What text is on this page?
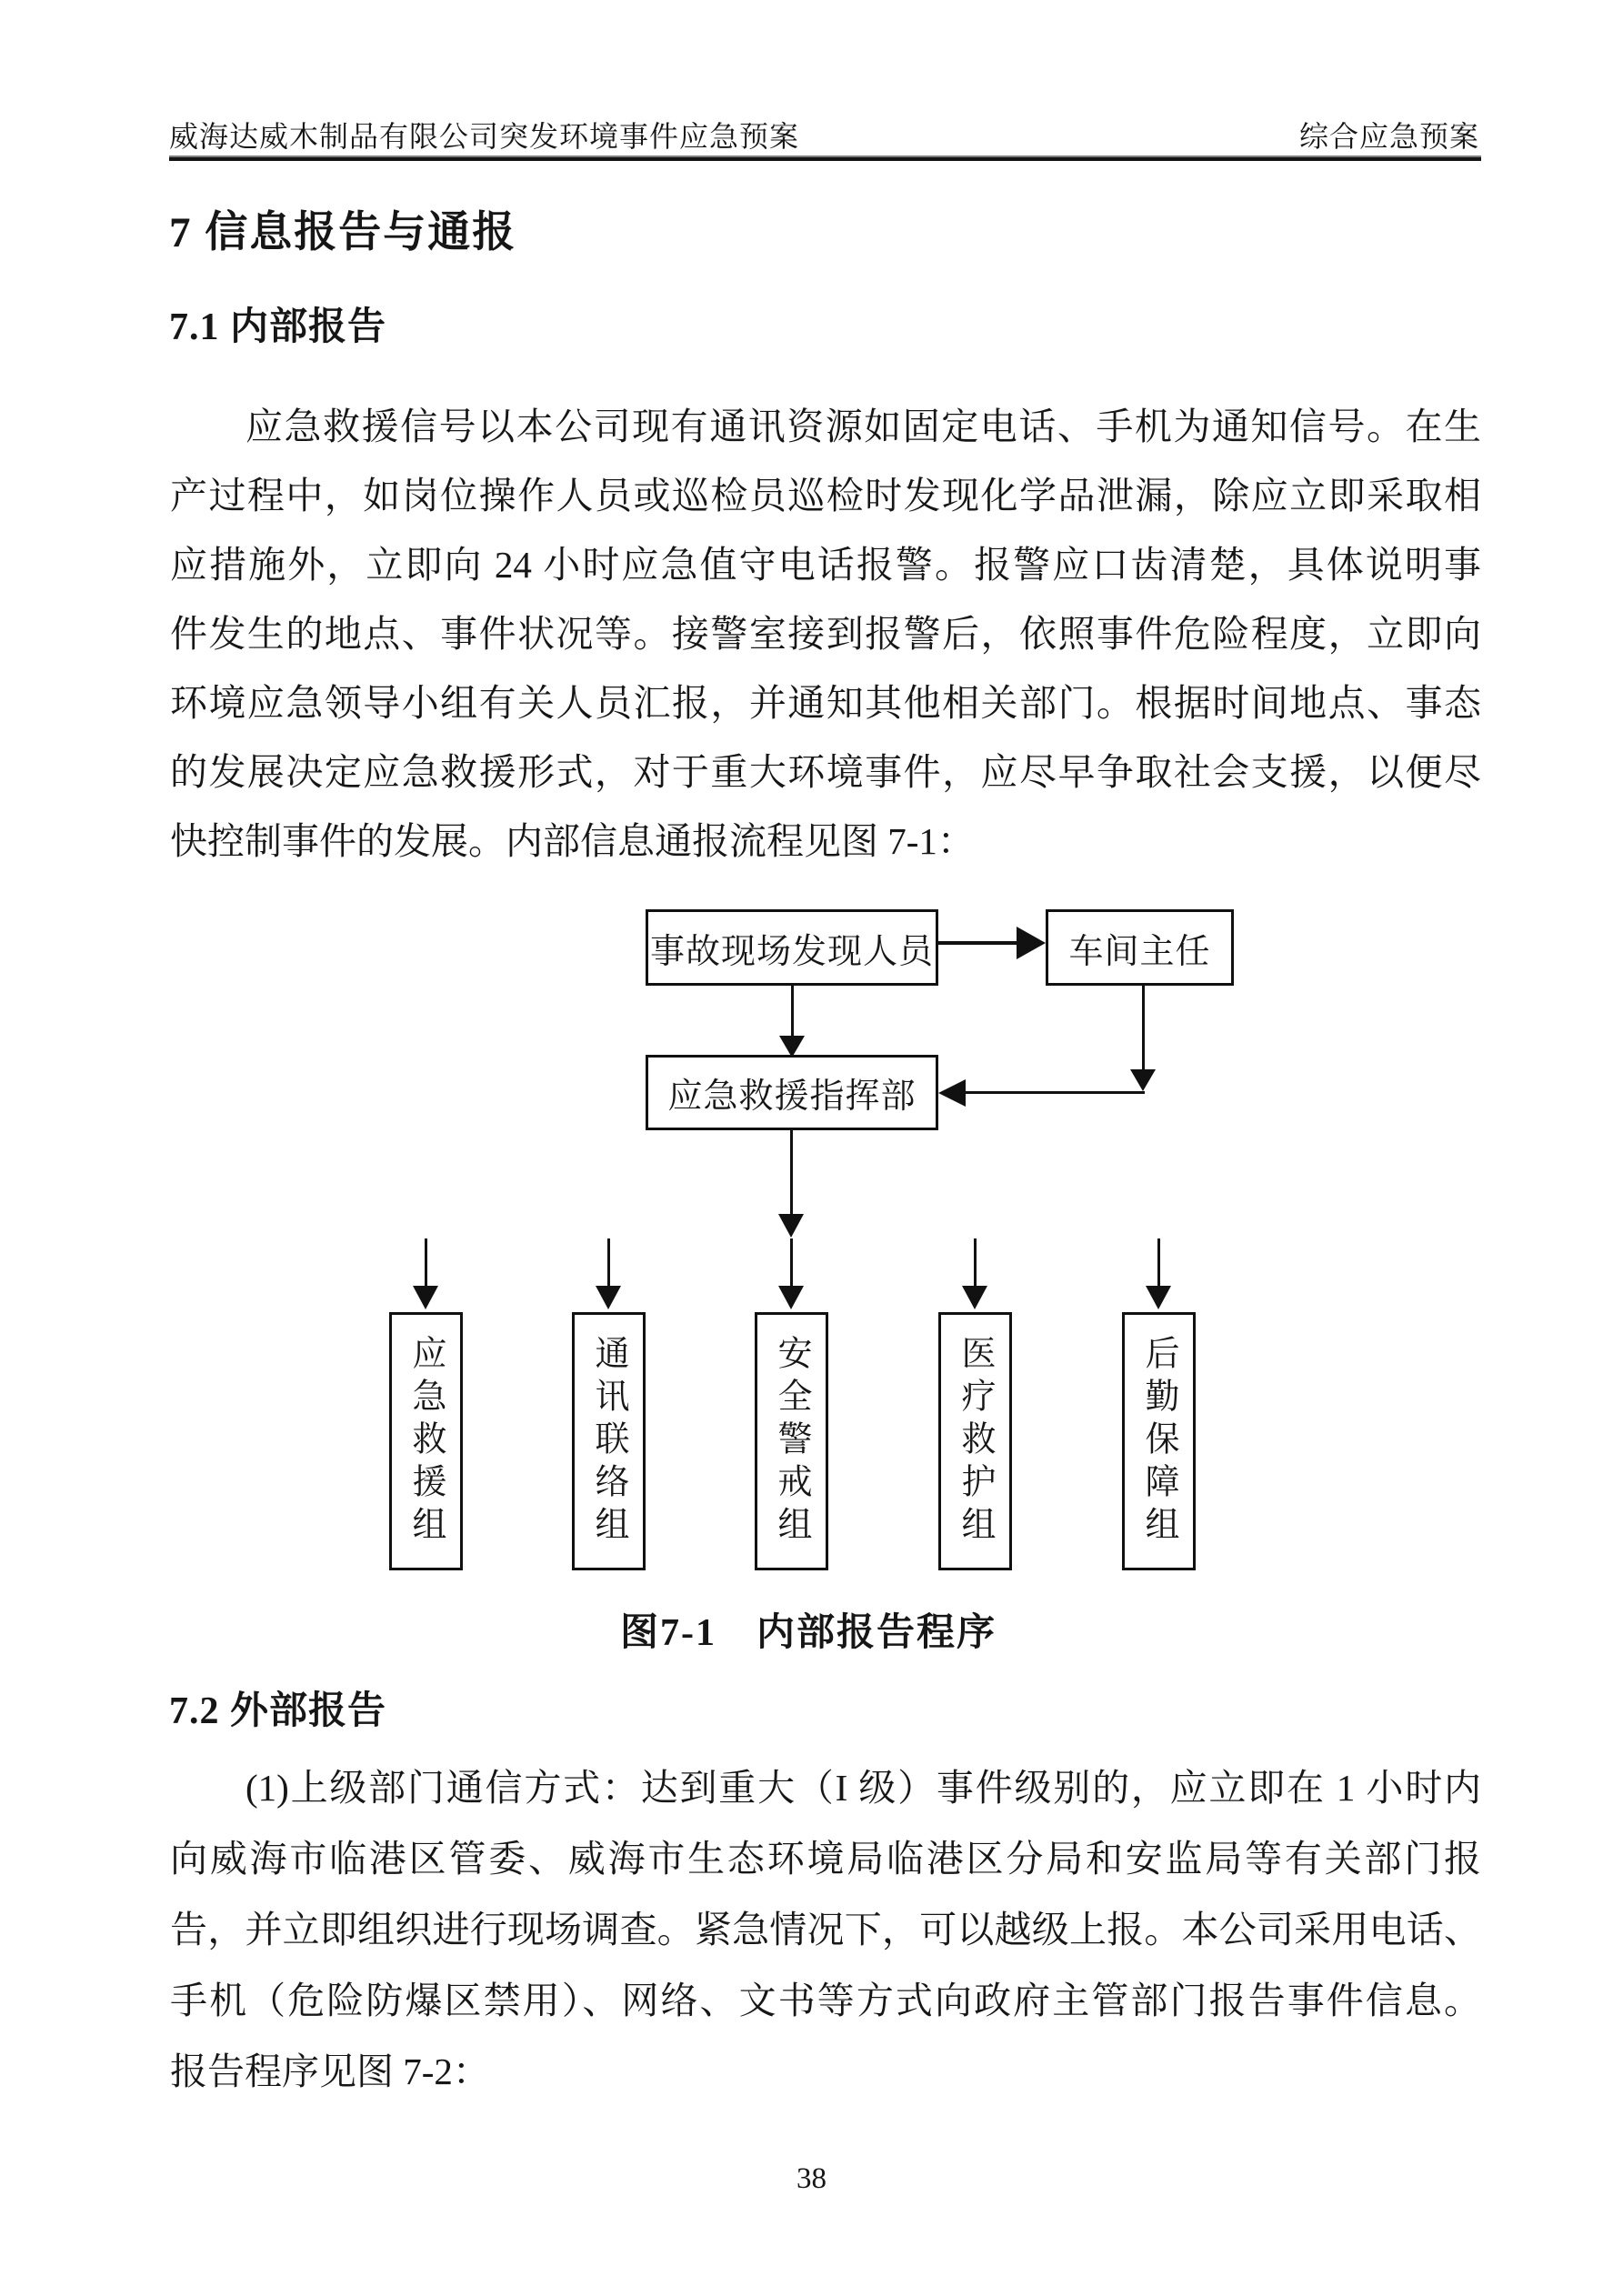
威海达威木制品有限公司突发环境事件应急预案	综合应急预案
7 信息报告与通报
7.1 内部报告
应急救援信号以本公司现有通讯资源如固定电话、手机为通知信号。在生
产过程中，如岗位操作人员或巡检员巡检时发现化学品泄漏，除应立即采取相
应措施外，立即向 24 小时应急值守电话报警。报警应口齿清楚，具体说明事
件发生的地点、事件状况等。接警室接到报警后，依照事件危险程度，立即向
环境应急领导小组有关人员汇报，并通知其他相关部门。根据时间地点、事态
的发展决定应急救援形式，对于重大环境事件，应尽早争取社会支援，以便尽
快控制事件的发展。内部信息通报流程见图 7-1：
事故现场发现人员	车间主任
应急救援指挥部
应急救援组	通讯联络组	安全警戒组	医疗救护组	后勤保障组
图7-1　内部报告程序
7.2 外部报告
(1)上级部门通信方式：达到重大（I 级）事件级别的，应立即在 1 小时内
向威海市临港区管委、威海市生态环境局临港区分局和安监局等有关部门报
告，并立即组织进行现场调查。紧急情况下，可以越级上报。本公司采用电话、
手机（危险防爆区禁用）、网络、文书等方式向政府主管部门报告事件信息。
报告程序见图 7-2：
38
